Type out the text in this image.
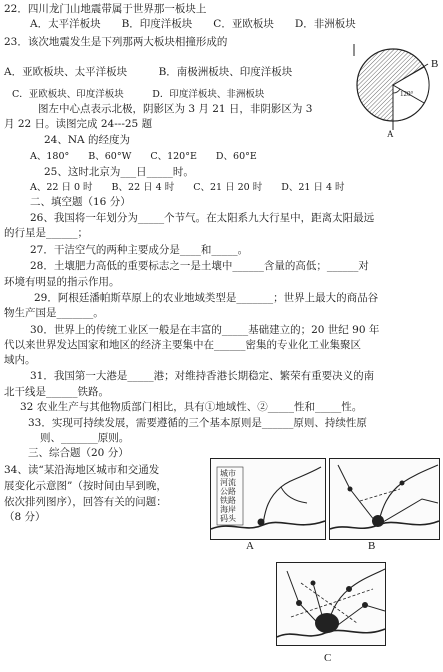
22．四川龙门山地震带属于世界那一板块上
A．太平洋板块　　B．印度洋板块　　C．亚欧板块　　D．非洲板块
23．该次地震发生是下列那两大板块相撞形成的
A．亚欧板块、太平洋板块　　　B．南极洲板块、印度洋板块
C．亚欧板块、印度洋板块　　　D．印度洋板块、非洲板块
B
A
120°
图左中心点表示北极，阴影区为 3 月 21 日，非阴影区为 3
月 22 日。读图完成 24---25 题
24、NA 的经度为
A、180°　　B、60°W　　C、120°E　　D、60°E
25、这时北京为___日_____时。
A、22 日 0 时　　B、22 日 4 时　　C、21 日 20 时　　D、21 日 4 时
二、填空题（16 分）
26、我国将一年划分为_____个节气。在太阳系九大行星中，距离太阳最远
的行星是______；
27．干洁空气的两种主要成分是____和_____。
28．土壤肥力高低的重要标志之一是土壤中______含量的高低；______对
环境有明显的指示作用。
29．阿根廷潘帕斯草原上的农业地域类型是_______；世界上最大的商品谷
物生产国是_______。
30．世界上的传统工业区一般是在丰富的_____基础建立的；20 世纪 90 年
代以来世界发达国家和地区的经济主要集中在______密集的专业化工业集聚区
域内。
31．我国第一大港是_____港；对维持香港长期稳定、繁荣有重要决义的南
北干线是______铁路。
32 农业生产与其他物质部门相比，具有①地域性、②_____性和_____性。
33．实现可持续发展，需要遵循的三个基本原则是______原则、持续性原
则、_______原则。
三、综合题（20 分）
34、读“某沿海地区城市和交通发
展变化示意图”（按时间由早到晚，
依次排列图序），回答有关的问题：
（8 分）
城市 河流 公路 铁路 海岸 码头
A	B
C
